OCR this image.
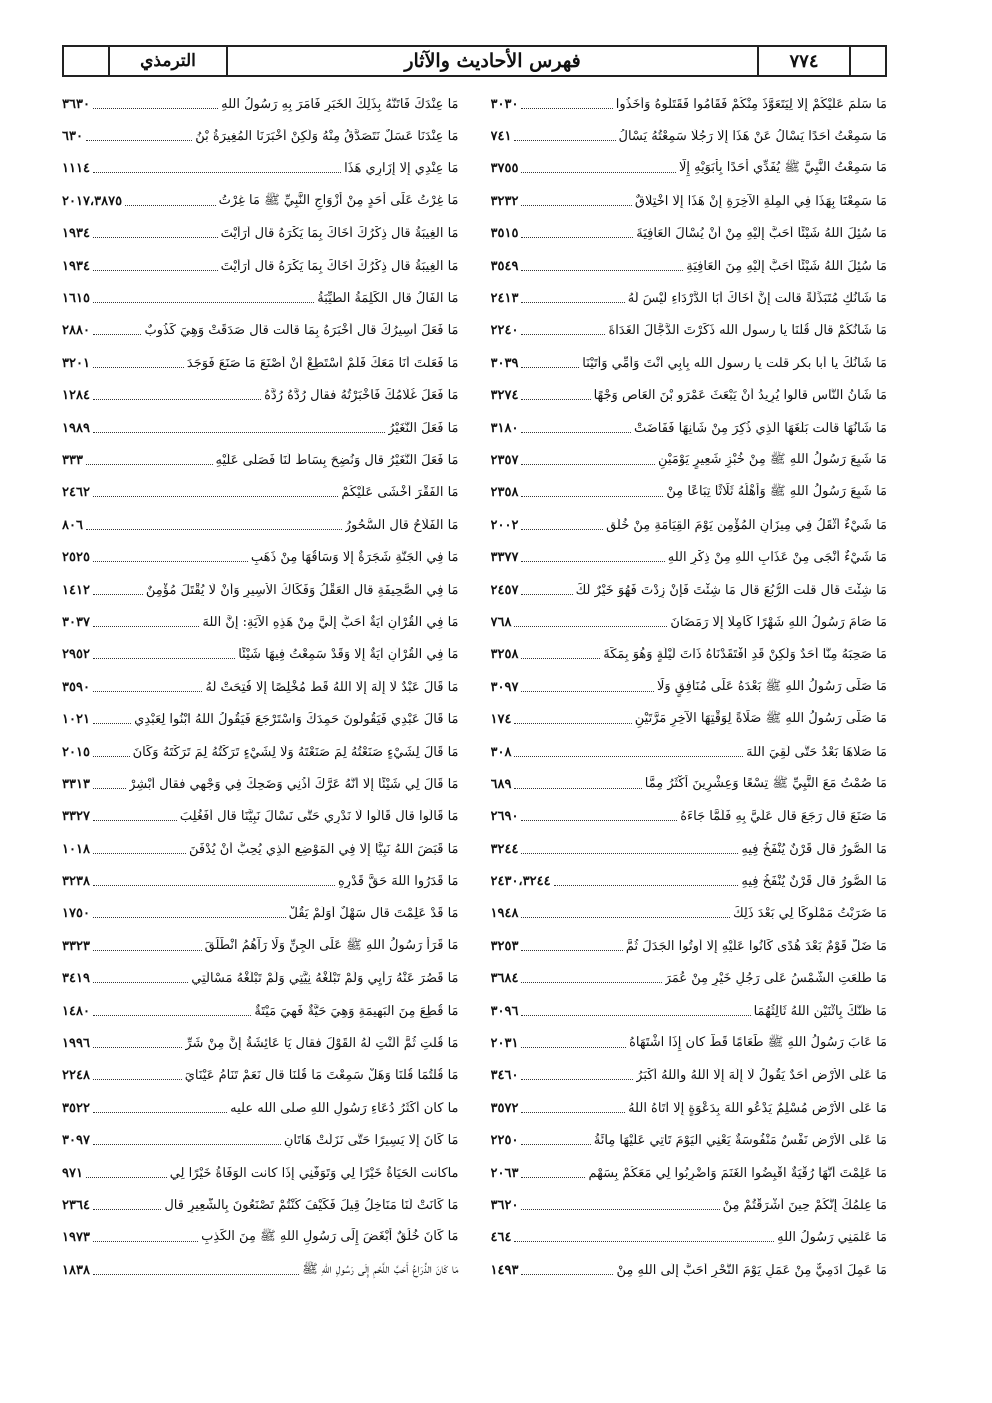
الترمذي	فهرس الأحاديث والآثار	٧٧٤
مَا سَلَّمَ عَلَيْكُمْ إِلَّا لِيَتَعَوَّذَ مِنْكُمْ فَقَامُوا فَقَتَلُوهُ وَأَخَذُوا
٣٠٣٠
مَا سَمِعْتُ أَحَدًا يَسْأَلُ عَنْ هَذَا إِلَّا رَجُلًا سَمِعْتُهُ يَسْأَلُ
٧٤١
مَا سَمِعْتُ النَّبِيَّ ﷺ يُفَدِّي أَحَدًا بِأَبَوَيْهِ إِلَّا
٣٧٥٥
مَا سَمِعْنَا بِهَذَا فِي المِلَّةِ الآخِرَةِ إِنْ هَذَا إِلَّا اخْتِلَاقٌ
٣٢٣٢
مَا سُئِلَ اللهُ شَيْئًا أَحَبَّ إِلَيْهِ مِنْ أَنْ يُسْأَلَ العَافِيَةَ
٣٥١٥
مَا سُئِلَ اللهُ شَيْئًا أَحَبَّ إِلَيْهِ مِنَ العَافِيَةِ
٣٥٤٩
مَا شَأْنُكِ مُتَبَذِّلَةً قالت إِنَّ أَخَاكَ أَبَا الدَّرْدَاءِ لَيْسَ لَهُ
٢٤١٣
مَا شَأْنُكُمْ قال قُلْنَا يا رسول الله ذَكَرْتَ الدَّجَّالَ الغَدَاةَ
٢٢٤٠
مَا شَأْنُكَ يا أبا بكر قلت يا رسول الله بِأَبِي أَنْتَ وَأُمِّي وَأَتَيْنَا
٣٠٣٩
مَا شَأْنُ النَّاسِ قالوا يُرِيدُ أَنْ يَبْعَثَ عَمْرَو بْنَ العَاصِ وَجْهًا
٣٢٧٤
مَا شَأْنُهَا قالت بَلَغَهَا الَّذِي ذُكِرَ مِنْ شَأْنِهَا فَفَاضَتْ
٣١٨٠
مَا شَبِعَ رَسُولُ اللهِ ﷺ مِنْ خُبْزِ شَعِيرٍ يَوْمَيْنِ
٢٣٥٧
مَا شَبِعَ رَسُولُ اللهِ ﷺ وَأَهْلُهُ ثَلَاثًا تِبَاعًا مِنْ
٢٣٥٨
مَا شَيْءٌ أَثْقَلُ فِي مِيزَانِ المُؤْمِنِ يَوْمَ القِيَامَةِ مِنْ خُلُقٍ
٢٠٠٢
مَا شَيْءٌ أَنْجَى مِنْ عَذَابِ اللهِ مِنْ ذِكْرِ اللهِ
٣٣٧٧
مَا شِئْتَ قال قلت الرُّبُعَ قال مَا شِئْتَ فَإِنْ زِدْتَ فَهُوَ خَيْرٌ لَكَ
٢٤٥٧
مَا صَامَ رَسُولُ اللهِ شَهْرًا كَامِلًا إِلَّا رَمَضَانَ
٧٦٨
مَا صَحِبَهُ مِنَّا أَحَدٌ وَلَكِنْ قَدِ افْتَقَدْنَاهُ ذَاتَ لَيْلَةٍ وَهُوَ بِمَكَّةَ
٣٢٥٨
مَا صَلَّى رَسُولُ اللهِ ﷺ بَعْدَهُ عَلَى مُنَافِقٍ وَلَا
٣٠٩٧
مَا صَلَّى رَسُولُ اللهِ ﷺ صَلَاةً لِوَقْتِهَا الآخِرِ مَرَّتَيْنِ
١٧٤
مَا صَلَّاهَا بَعْدُ حَتَّى لَقِيَ اللهَ
٣٠٨
مَا صُمْتُ مَعَ النَّبِيِّ ﷺ تِسْعًا وَعِشْرِينَ أَكْثَرُ مِمَّا
٦٨٩
مَا صَنَعَ قال رَجَعَ قال عَلَيَّ بِهِ فَلَمَّا جَاءَهُ
٢٦٩٠
مَا الصُّورُ قال قَرْنٌ يُنْفَخُ فِيهِ
٣٢٤٤
مَا الصُّورُ قال قَرْنٌ يُنْفَخُ فِيهِ
٢٤٣٠،٣٢٤٤
مَا ضَرَبْتُ مَمْلُوكًا لِي بَعْدَ ذَلِكَ
١٩٤٨
مَا ضَلَّ قَوْمٌ بَعْدَ هُدًى كَانُوا عَلَيْهِ إِلَّا أُوتُوا الجَدَلَ ثُمَّ
٣٢٥٣
مَا طَلَعَتِ الشَّمْسُ عَلَى رَجُلٍ خَيْرٍ مِنْ عُمَرَ
٣٦٨٤
مَا ظَنُّكَ بِاثْنَيْنِ اللهُ ثَالِثُهُمَا
٣٠٩٦
مَا عَابَ رَسُولُ اللهِ ﷺ طَعَامًا قَطُّ كان إِذَا اشْتَهَاهُ
٢٠٣١
مَا عَلَى الأَرْضِ أَحَدٌ يَقُولُ لَا إِلَهَ إِلَّا اللهُ واللهُ أَكْبَرُ
٣٤٦٠
مَا عَلَى الأَرْضِ مُسْلِمٌ يَدْعُو اللهَ بِدَعْوَةٍ إِلَّا آتَاهُ اللهُ
٣٥٧٢
مَا عَلَى الأَرْضِ نَفْسٌ مَنْفُوسَةٌ يَعْنِي اليَوْمَ تَأْتِي عَلَيْهَا مِائَةُ
٢٢٥٠
مَا عَلِمْتَ أَنَّهَا رُقْيَةٌ اقْبِضُوا الغَنَمَ وَاضْرِبُوا لِي مَعَكُمْ بِسَهْمٍ
٢٠٦٣
مَا عِلْمُكَ إِنَّكُمْ حِينَ أَشْرَقْتُمْ مِنْ
٣٦٢٠
مَا عَلَّمَنِي رَسُولُ اللهِ
٤٦٤
مَا عَمِلَ آدَمِيٌّ مِنْ عَمَلٍ يَوْمَ النَّحْرِ أَحَبَّ إِلَى اللهِ مِنْ
١٤٩٣
مَا عِنْدَكَ فَأْتَنَّهُ بِذَلِكَ الخَبَرِ فَأَمَرَ بِهِ رَسُولُ اللهِ
٣٦٣٠
مَا عِنْدَنَا عَسَلٌ نَتَصَدَّقُ مِنْهُ وَلَكِنْ أَخْبَرَنَا المُغِيرَةُ بْنُ
٦٣٠
مَا عِنْدِي إِلَّا إِزَارِي هَذَا
١١١٤
مَا غِرْتُ عَلَى أَحَدٍ مِنْ أَزْوَاجِ النَّبِيِّ ﷺ مَا غِرْتُ
٢٠١٧،٣٨٧٥
مَا الغِيبَةُ قال ذِكْرُكَ أَخَاكَ بِمَا يَكْرَهُ قال أَرَأَيْتَ
١٩٣٤
مَا الغِيبَةُ قال ذِكْرُكَ أَخَاكَ بِمَا يَكْرَهُ قال أَرَأَيْتَ
١٩٣٤
مَا الفَأْلُ قال الكَلِمَةُ الطَّيِّبَةُ
١٦١٥
مَا فَعَلَ أَسِيرُكَ قال أَخْبَرَهُ بِمَا قالت قال صَدَقَتْ وَهِيَ كَذُوبٌ
٢٨٨٠
مَا فَعَلْتَ أَنَا مَعَكَ فَلَمْ أَسْتَطِعْ أَنْ أَصْنَعَ مَا صَنَعَ فَوَجَدَ
٣٢٠١
مَا فَعَلَ غُلَامُكَ فَأَخْبَرْتُهُ فقال رُدَّهُ رُدَّهُ
١٢٨٤
مَا فَعَلَ النُّغَيْرُ
١٩٨٩
مَا فَعَلَ النُّغَيْرُ قال وَنُضِحَ بِسَاطٌ لَنَا فَصَلَّى عَلَيْهِ
٣٣٣
مَا الفَقْرَ أَخْشَى عَلَيْكُمْ
٢٤٦٢
مَا الفَلَاحُ قال السُّحُورُ
٨٠٦
مَا فِي الجَنَّةِ شَجَرَةٌ إِلَّا وَسَاقُهَا مِنْ ذَهَبٍ
٢٥٢٥
مَا فِي الصَّحِيفَةِ قال العَقْلُ وَفَكَاكُ الأَسِيرِ وَأَنْ لَا يُقْتَلَ مُؤْمِنٌ
١٤١٢
مَا فِي القُرْآنِ آيَةٌ أَحَبُّ إِلَيَّ مِنْ هَذِهِ الآيَةِ: إِنَّ اللهَ
٣٠٣٧
مَا فِي القُرْآنِ آيَةٌ إِلَّا وَقَدْ سَمِعْتُ فِيهَا شَيْئًا
٢٩٥٢
مَا قَالَ عَبْدٌ لَا إِلَهَ إِلَّا اللهُ قَطُّ مُخْلِصًا إِلَّا فُتِحَتْ لَهُ
٣٥٩٠
مَا قَالَ عَبْدِي فَيَقُولُونَ حَمِدَكَ وَاسْتَرْجَعَ فَيَقُولُ اللهُ ابْنُوا لِعَبْدِي
١٠٢١
مَا قَالَ لِشَيْءٍ صَنَعْتُهُ لِمَ صَنَعْتَهُ وَلَا لِشَيْءٍ تَرَكْتُهُ لِمَ تَرَكْتَهُ وَكَانَ
٢٠١٥
مَا قَالَ لِي شَيْئًا إِلَّا أَنَّهُ عَرَّكَ أُذُنِي وَضَحِكَ فِي وَجْهِي فقال أَبْشِرْ
٣٣١٣
مَا قَالُوا قال قَالُوا لَا نَدْرِي حَتَّى نَسْأَلَ نَبِيَّنَا قال أَفَغُلِبَ
٣٣٢٧
مَا قَبَضَ اللهُ نَبِيًّا إِلَّا فِي المَوْضِعِ الَّذِي يُحِبُّ أَنْ يُدْفَنَ
١٠١٨
مَا قَدَرُوا اللهَ حَقَّ قَدْرِهِ
٣٢٣٨
مَا قَدْ عَلِمْتَ قال سَهْلٌ أَوَلَمْ يَقُلْ
١٧٥٠
مَا قَرَأَ رَسُولُ اللهِ ﷺ عَلَى الجِنِّ وَلَا رَآهُمُ انْطَلَقَ
٣٣٢٣
مَا قَصُرَ عَنْهُ رَأْيِي وَلَمْ تَبْلُغْهُ نِيَّتِي وَلَمْ تَبْلُغْهُ مَسْأَلَتِي
٣٤١٩
مَا قُطِعَ مِنَ البَهِيمَةِ وَهِيَ حَيَّةٌ فَهِيَ مَيْتَةٌ
١٤٨٠
مَا قُلْتِ ثُمَّ أَلَنْتِ لَهُ القَوْلَ فقال يَا عَائِشَةُ إِنَّ مِنْ شَرِّ
١٩٩٦
مَا قُلْتُمَا قُلْنَا وَهَلْ سَمِعْتَ مَا قُلْنَا قال نَعَمْ تَنَامُ عَيْنَايَ
٢٢٤٨
ما كان أَكْثَرُ دُعَاءِ رَسُولِ اللهِ صلى الله عليه
٣٥٢٢
مَا كَانَ إِلَّا يَسِيرًا حَتَّى نَزَلَتْ هَاتَانِ
٣٠٩٧
ماكانت الحَيَاةُ خَيْرًا لِي وَتَوَفَّنِي إِذَا كانت الوَفَاةُ خَيْرًا لِي
٩٧١
مَا كَانَتْ لَنَا مَنَاخِلُ قِيلَ فَكَيْفَ كُنْتُمْ تَصْنَعُونَ بِالشَّعِيرِ قال
٢٣٦٤
مَا كَانَ خُلُقٌ أَبْغَضَ إِلَى رَسُولِ اللهِ ﷺ مِنَ الكَذِبِ
١٩٧٣
مَا كَانَ الذِّرَاعُ أَحَبَّ اللَّحْمِ إِلَى رَسُولِ اللهِ ﷺ
١٨٣٨
